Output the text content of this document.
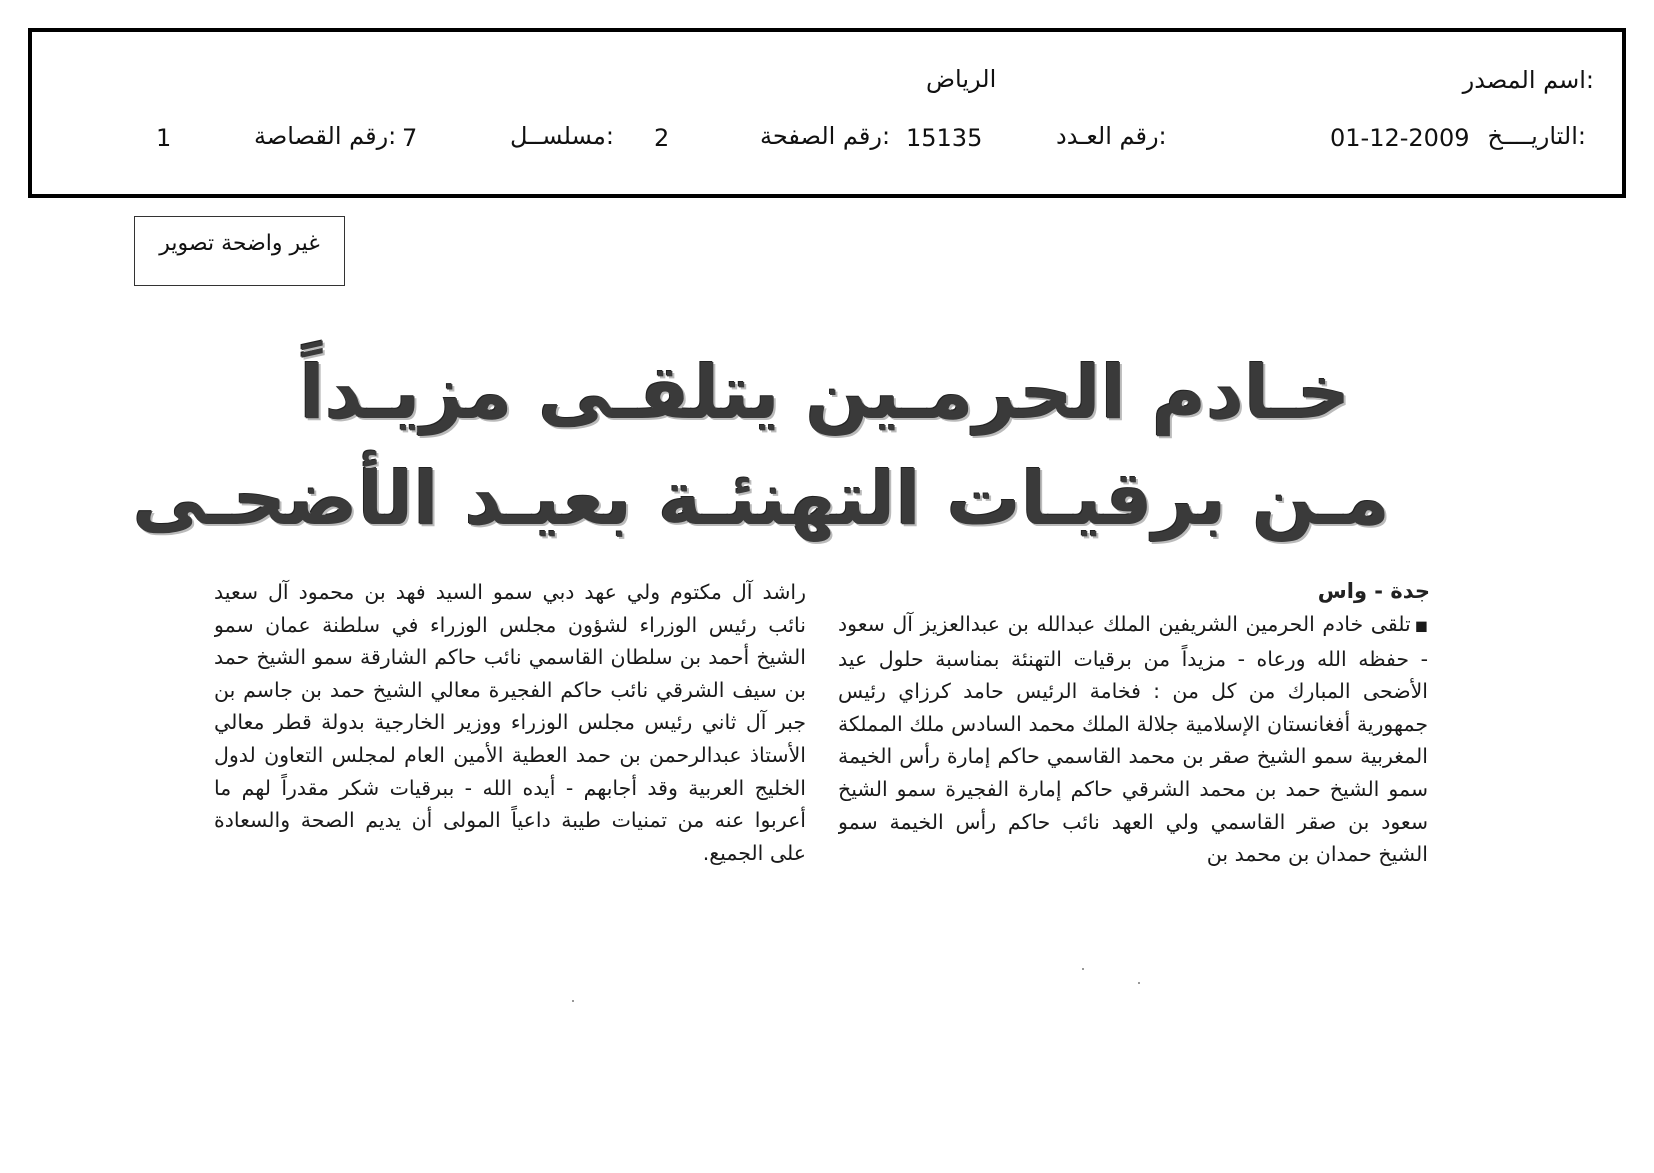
اسم المصدر:
الرياض
التاريــــخ:
01-12-2009
رقم العـدد:
15135
رقم الصفحة:
2
مسلســل:
7
رقم القصاصة:
1
غير واضحة تصوير
خـادم الحرمـين يتلقـى مزيـداً
مـن برقيـات التهنئـة بعيـد الأضحـى
جدة - واس
◼تلقى خادم الحرمين الشريفين الملك عبدالله بن عبدالعزيز آل سعود - حفظه الله ورعاه - مزيداً من برقيات التهنئة بمناسبة حلول عيد الأضحى المبارك من كل من : فخامة الرئيس حامد كرزاي رئيس جمهورية أفغانستان الإسلامية جلالة الملك محمد السادس ملك المملكة المغربية سمو الشيخ صقر بن محمد القاسمي حاكم إمارة رأس الخيمة سمو الشيخ حمد بن محمد الشرقي حاكم إمارة الفجيرة سمو الشيخ سعود بن صقر القاسمي ولي العهد نائب حاكم رأس الخيمة سمو الشيخ حمدان بن محمد بن
راشد آل مكتوم ولي عهد دبي سمو السيد فهد بن محمود آل سعيد نائب رئيس الوزراء لشؤون مجلس الوزراء في سلطنة عمان سمو الشيخ أحمد بن سلطان القاسمي نائب حاكم الشارقة سمو الشيخ حمد بن سيف الشرقي نائب حاكم الفجيرة معالي الشيخ حمد بن جاسم بن جبر آل ثاني رئيس مجلس الوزراء ووزير الخارجية بدولة قطر معالي الأستاذ عبدالرحمن بن حمد العطية الأمين العام لمجلس التعاون لدول الخليج العربية وقد أجابهم - أيده الله - ببرقيات شكر مقدراً لهم ما أعربوا عنه من تمنيات طيبة داعياً المولى أن يديم الصحة والسعادة على الجميع.
